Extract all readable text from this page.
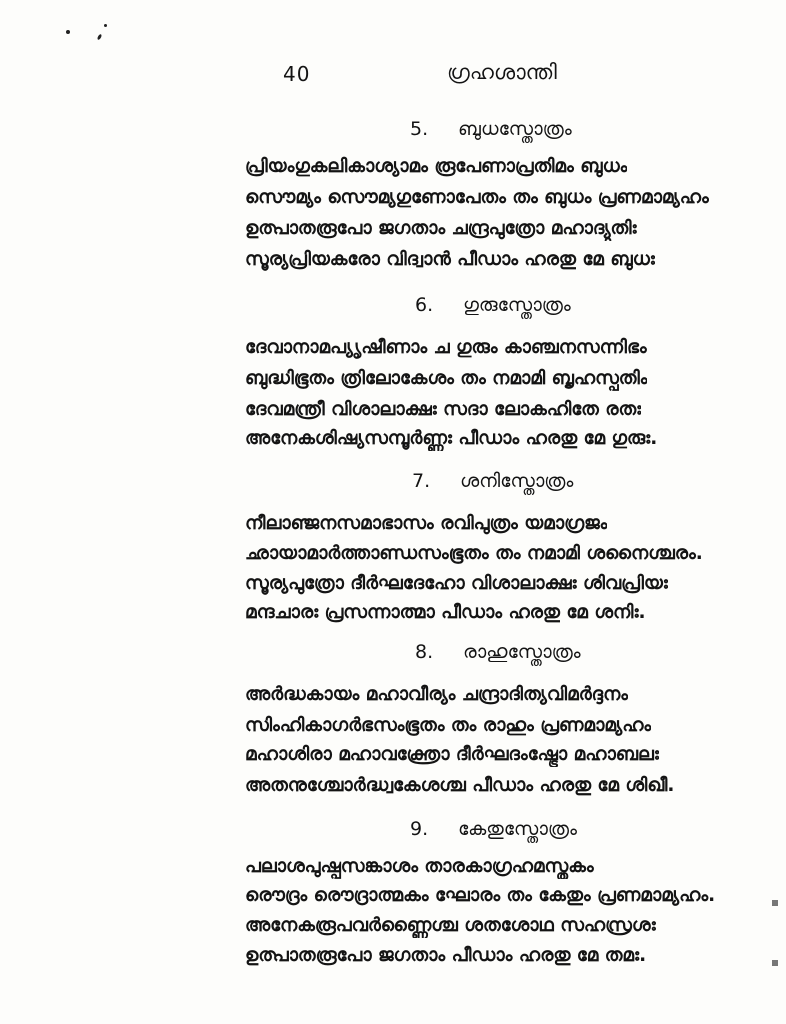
40	ഗ്രഹശാന്തി
5. ബുധസ്തോത്രം
പ്രിയംഗുകലികാശ്യാമം രൂപേണാപ്രതിമം ബുധം
സൌമ്യം സൌമ്യഗുണോപേതം തം ബുധം പ്രണമാമ്യഹം
ഉത്പാതരൂപോ ജഗതാം ചന്ദ്രപുത്രോ മഹാദ്യുതിഃ
സൂര്യപ്രിയകരോ വിദ്വാൻ പീഡാം ഹരതു മേ ബുധഃ
6. ഗുരുസ്തോത്രം
ദേവാനാമപ്യൃഷീണാം ച ഗുരും കാഞ്ചനസന്നിഭം
ബുദ്ധിഭൂതം ത്രിലോകേശം തം നമാമി ബൃഹസ്പതിം
ദേവമന്ത്രീ വിശാലാക്ഷഃ സദാ ലോകഹിതേ രതഃ
അനേകശിഷ്യസമ്പൂർണ്ണഃ പീഡാം ഹരതു മേ ഗുരുഃ.
7. ശനിസ്തോത്രം
നീലാഞ്ജനസമാഭാസം രവിപുത്രം യമാഗ്രജം
ഛായാമാർത്താണ്ഡസംഭൂതം തം നമാമി ശനൈശ്ചരം.
സൂര്യപുത്രോ ദീർഘദേഹോ വിശാലാക്ഷഃ ശിവപ്രിയഃ
മന്ദചാരഃ പ്രസന്നാത്മാ പീഡാം ഹരതു മേ ശനിഃ.
8. രാഹുസ്തോത്രം
അർദ്ധകായം മഹാവീര്യം ചന്ദ്രാദിത്യവിമർദ്ദനം
സിംഹികാഗർഭസംഭൂതം തം രാഹും പ്രണമാമ്യഹം
മഹാശിരാ മഹാവക്ത്രോ ദീർഘദംഷ്ട്രോ മഹാബലഃ
അതനുശ്ചോർദ്ധ്വകേശശ്ച പീഡാം ഹരതു മേ ശിഖീ.
9. കേതുസ്തോത്രം
പലാശപുഷ്പസങ്കാശം താരകാഗ്രഹമസ്തകം
രൌദ്രം രൌദ്രാത്മകം ഘോരം തം കേതും പ്രണമാമ്യഹം.
അനേകരൂപവർണ്ണൈശ്ച ശതശോഥ സഹസ്രശഃ
ഉത്പാതരൂപോ ജഗതാം പീഡാം ഹരതു മേ തമഃ.
